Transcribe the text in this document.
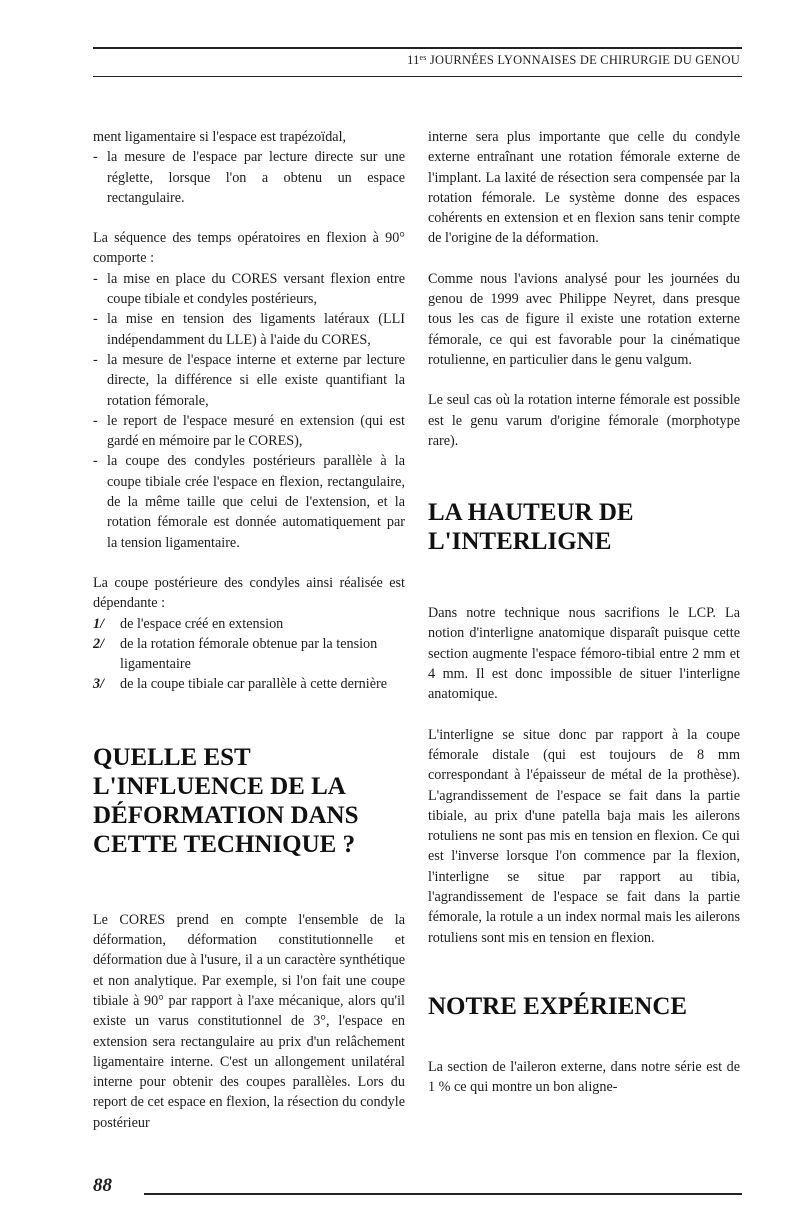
$11^{es}$ JOURNÉES LYONNAISES DE CHIRURGIE DU GENOU

ment ligamentaire si l'espace est trapézoïdal,

- la mesure de l'espace par lecture directe sur une réglette, lorsque l'on a obtenu un espace rectangulaire.

La séquence des temps opératoires en flexion à 90° comporte :

- la mise en place du CORES versant flexion entre coupe tibiale et condyles postérieurs,
- la mise en tension des ligaments latéraux (LLI indépendamment du LLE) à l'aide du CORES,
- la mesure de l'espace interne et externe par lecture directe, la différence si elle existe quantifiant la rotation fémorale,
- le report de l'espace mesuré en extension (qui est gardé en mémoire par le CORES),
- la coupe des condyles postérieurs parallèle à la coupe tibiale crée l'espace en flexion, rectangulaire, de la même taille que celui de l'extension, et la rotation fémorale est donnée automatiquement par la tension ligamentaire.

La coupe postérieure des condyles ainsi réalisée est dépendante :

1/ de l'espace créé en extension
2/ de la rotation fémorale obtenue par la tension ligamentaire
3/ de la coupe tibiale car parallèle à cette dernière
QUELLE EST L'INFLUENCE DE LA DÉFORMATION DANS CETTE TECHNIQUE ?

Le CORES prend en compte l'ensemble de la déformation, déformation constitutionnelle et déformation due à l'usure, il a un caractère synthétique et non analytique. Par exemple, si l'on fait une coupe tibiale à 90° par rapport à l'axe mécanique, alors qu'il existe un varus constitutionnel de 3°, l'espace en extension sera rectangulaire au prix d'un relâchement ligamentaire interne. C'est un allongement unilatéral interne pour obtenir des coupes parallèles. Lors du report de cet espace en flexion, la résection du condyle postérieur

interne sera plus importante que celle du condyle externe entraînant une rotation fémorale externe de l'implant. La laxité de résection sera compensée par la rotation fémorale. Le système donne des espaces cohérents en extension et en flexion sans tenir compte de l'origine de la déformation.

Comme nous l'avions analysé pour les journées du genou de 1999 avec Philippe Neyret, dans presque tous les cas de figure il existe une rotation externe fémorale, ce qui est favorable pour la cinématique rotulienne, en particulier dans le genu valgum.

Le seul cas où la rotation interne fémorale est possible est le genu varum d'origine fémorale (morphotype rare).

LA HAUTEUR DE L'INTERLIGNE

Dans notre technique nous sacrifions le LCP. La notion d'interligne anatomique disparaît puisque cette section augmente l'espace fémoro-tibial entre 2 mm et 4 mm. Il est donc impossible de situer l'interligne anatomique.

L'interligne se situe donc par rapport à la coupe fémorale distale (qui est toujours de 8 mm correspondant à l'épaisseur de métal de la prothèse). L'agrandissement de l'espace se fait dans la partie tibiale, au prix d'une patella baja mais les ailerons rotuliens ne sont pas mis en tension en flexion. Ce qui est l'inverse lorsque l'on commence par la flexion, l'interligne se situe par rapport au tibia, l'agrandissement de l'espace se fait dans la partie fémorale, la rotule a un index normal mais les ailerons rotuliens sont mis en tension en flexion.

NOTRE EXPÉRIENCE

La section de l'aileron externe, dans notre série est de 1 % ce qui montre un bon aligne-

88
